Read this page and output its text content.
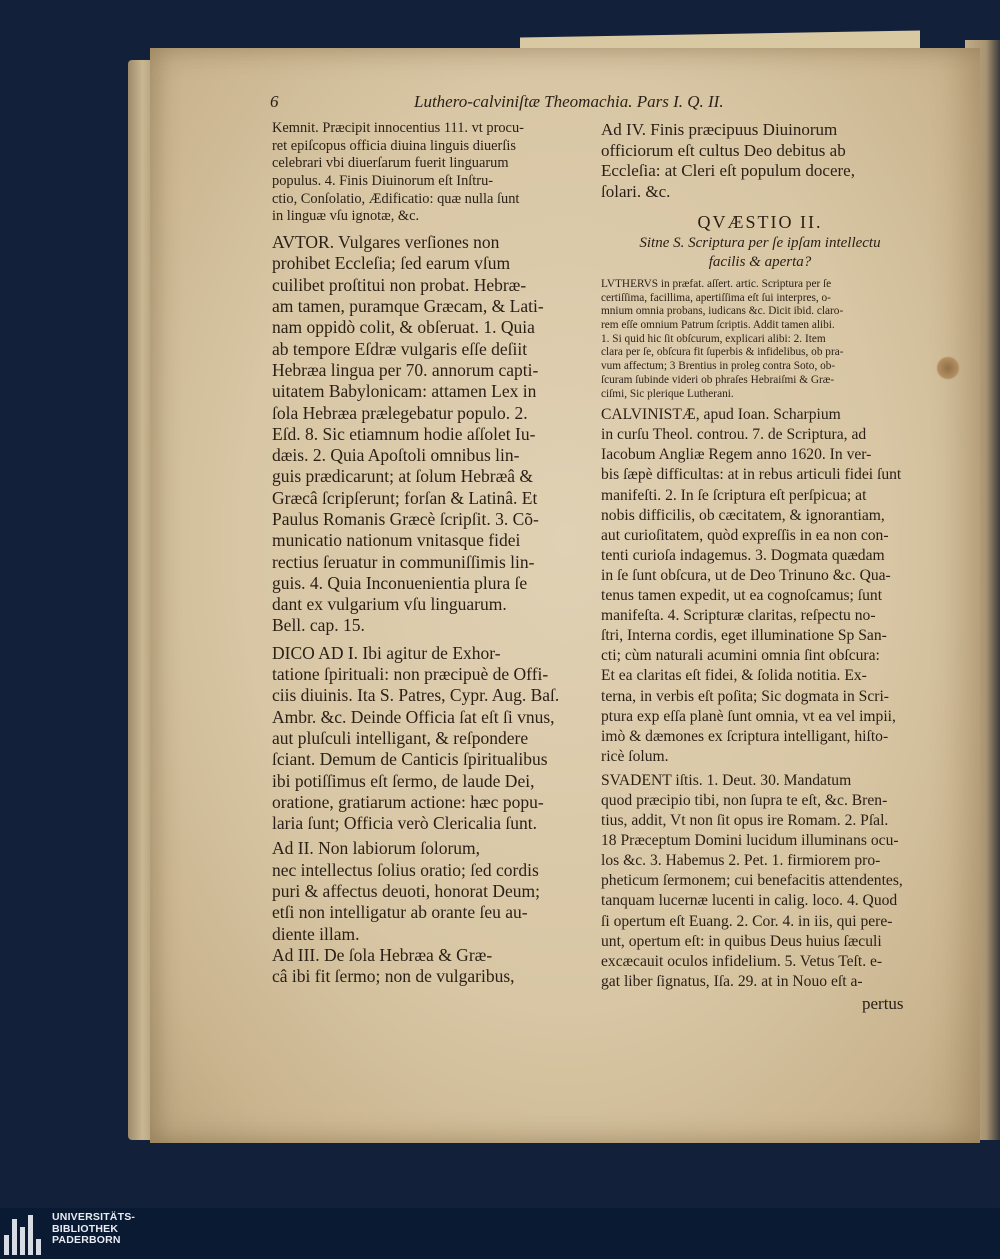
6	Luthero-calviniſtæ Theomachia. Pars I. Q. II.
Kemnit. Præcipit innocentius 111. vt procu-
ret epiſcopus officia diuina linguis diuerſis
celebrari vbi diuerſarum fuerit linguarum
populus. 4. Finis Diuinorum eſt Inſtru-
ctio, Conſolatio, Ædificatio: quæ nulla ſunt
in linguæ vſu ignotæ, &c.
AVTOR. Vulgares verſiones non
prohibet Eccleſia; ſed earum vſum
cuilibet proſtitui non probat. Hebræ-
am tamen, puramque Græcam, & Lati-
nam oppidò colit, & obſeruat. 1. Quia
ab tempore Eſdræ vulgaris eſſe deſiit
Hebræa lingua per 70. annorum capti-
uitatem Babylonicam: attamen Lex in
ſola Hebræa prælegebatur populo. 2.
Eſd. 8. Sic etiamnum hodie aſſolet Iu-
dæis. 2. Quia Apoſtoli omnibus lin-
guis prædicarunt; at ſolum Hebræâ &
Græcâ ſcripſerunt; forſan & Latinâ. Et
Paulus Romanis Græcè ſcripſit. 3. Cõ-
municatio nationum vnitasque fidei
rectius ſeruatur in communiſſimis lin-
guis. 4. Quia Inconuenientia plura ſe
dant ex vulgarium vſu linguarum.
Bell. cap. 15.
DICO AD I. Ibi agitur de Exhor-
tatione ſpirituali: non præcipuè de Offi-
ciis diuinis. Ita S. Patres, Cypr. Aug. Baſ.
Ambr. &c. Deinde Officia ſat eſt ſi vnus,
aut pluſculi intelligant, & reſpondere
ſciant. Demum de Canticis ſpiritualibus
ibi potiſſimus eſt ſermo, de laude Dei,
oratione, gratiarum actione: hæc popu-
laria ſunt; Officia verò Clericalia ſunt.
Ad II. Non labiorum ſolorum,
nec intellectus ſolius oratio; ſed cordis
puri & affectus deuoti, honorat Deum;
etſi non intelligatur ab orante ſeu au-
diente illam.
Ad III. De ſola Hebræa & Græ-
câ ibi fit ſermo; non de vulgaribus,
Ad IV. Finis præcipuus Diuinorum
officiorum eſt cultus Deo debitus ab
Eccleſia: at Cleri eſt populum docere,
ſolari. &c.
QVÆSTIO II.
Sitne S. Scriptura per ſe ipſam intellectu
facilis & aperta?
LVTHERVS in præfat. aſſert. artic. Scriptura per ſe
certiſſima, facillima, apertiſſima eſt ſui interpres, o-
mnium omnia probans, iudicans &c. Dicit ibid. claro-
rem eſſe omnium Patrum ſcriptis. Addit tamen alibi.
1. Si quid hic ſit obſcurum, explicari alibi: 2. Item
clara per ſe, obſcura fit ſuperbis & infidelibus, ob pra-
vum affectum; 3 Brentius in proleg contra Soto, ob-
ſcuram ſubinde videri ob phraſes Hebraiſmi & Græ-
ciſmi, Sic plerique Lutherani.
CALVINISTÆ, apud Ioan. Scharpium
in curſu Theol. controu. 7. de Scriptura, ad
Iacobum Angliæ Regem anno 1620. In ver-
bis ſæpè difficultas: at in rebus articuli fidei ſunt
manifeſti. 2. In ſe ſcriptura eſt perſpicua; at
nobis difficilis, ob cæcitatem, & ignorantiam,
aut curioſitatem, quòd expreſſis in ea non con-
tenti curioſa indagemus. 3. Dogmata quædam
in ſe ſunt obſcura, ut de Deo Trinuno &c. Qua-
tenus tamen expedit, ut ea cognoſcamus; ſunt
manifeſta. 4. Scripturæ claritas, reſpectu no-
ſtri, Interna cordis, eget illuminatione Sp San-
cti; cùm naturali acumini omnia ſint obſcura:
Et ea claritas eſt fidei, & ſolida notitia. Ex-
terna, in verbis eſt poſita; Sic dogmata in Scri-
ptura exp eſſa planè ſunt omnia, vt ea vel impii,
imò & dæmones ex ſcriptura intelligant, hiſto-
ricè ſolum.
SVADENT iſtis. 1. Deut. 30. Mandatum
quod præcipio tibi, non ſupra te eſt, &c. Bren-
tius, addit, Vt non ſit opus ire Romam. 2. Pſal.
18 Præceptum Domini lucidum illuminans ocu-
los &c. 3. Habemus 2. Pet. 1. firmiorem pro-
pheticum ſermonem; cui benefacitis attendentes,
tanquam lucernæ lucenti in calig. loco. 4. Quod
ſi opertum eſt Euang. 2. Cor. 4. in iis, qui pere-
unt, opertum eſt: in quibus Deus huius ſæculi
excæcauit oculos infidelium. 5. Vetus Teſt. e-
gat liber ſignatus, Iſa. 29. at in Nouo eſt a-
pertus
UNIVERSITÄTS-
BIBLIOTHEK
PADERBORN
